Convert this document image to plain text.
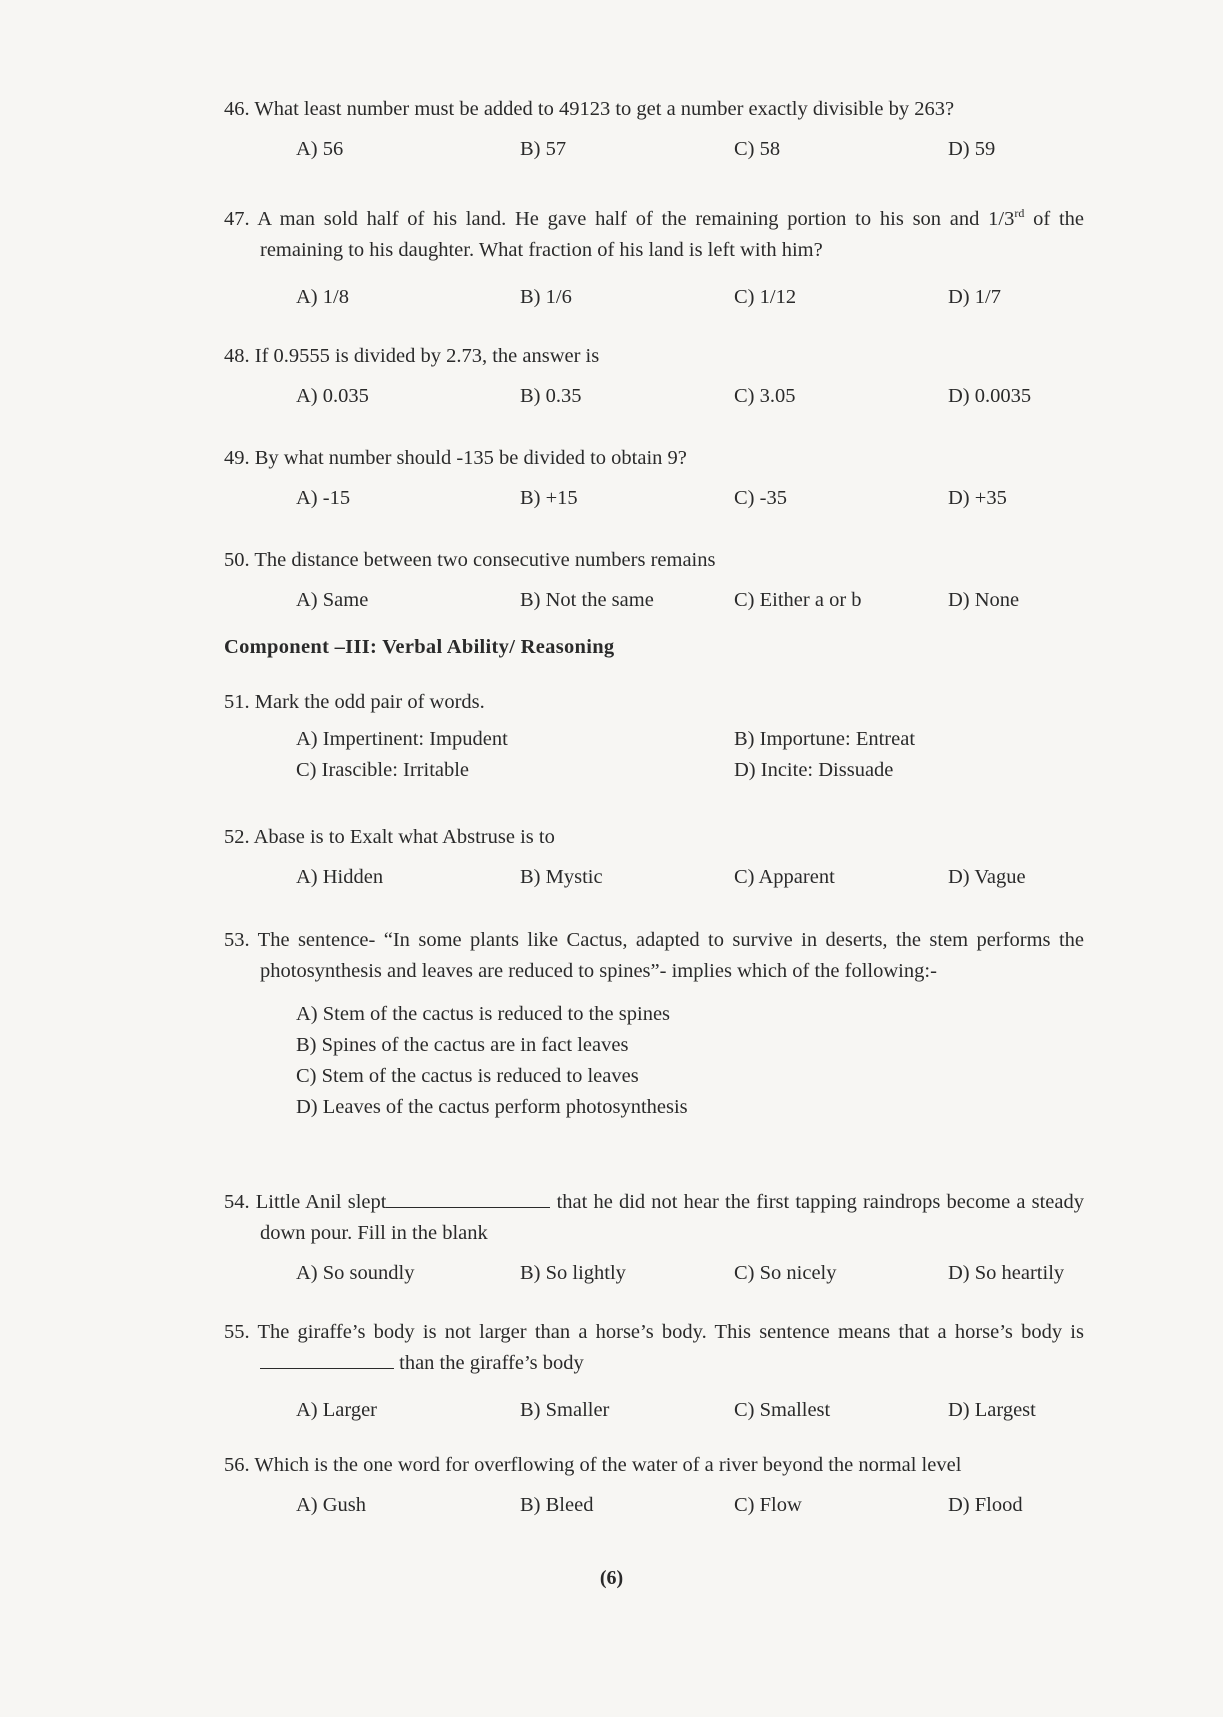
46. What least number must be added to 49123 to get a number exactly divisible by 263?

A) 56	B) 57	C) 58	D) 59

47. A man sold half of his land. He gave half of the remaining portion to his son and 1/3rd of the remaining to his daughter. What fraction of his land is left with him?

A) 1/8	B) 1/6	C) 1/12	D) 1/7

48. If 0.9555 is divided by 2.73, the answer is

A) 0.035	B) 0.35	C) 3.05	D) 0.0035

49. By what number should -135 be divided to obtain 9?

A) -15	B) +15	C) -35	D) +35

50. The distance between two consecutive numbers remains

A) Same	B) Not the same	C) Either a or b	D) None
Component –III: Verbal Ability/ Reasoning

51. Mark the odd pair of words.

A) Impertinent: Impudent	B) Importune: Entreat
C) Irascible: Irritable	D) Incite: Dissuade

52. Abase is to Exalt what Abstruse is to

A) Hidden	B) Mystic	C) Apparent	D) Vague

53. The sentence- “In some plants like Cactus, adapted to survive in deserts, the stem performs the photosynthesis and leaves are reduced to spines”- implies which of the following:-

A) Stem of the cactus is reduced to the spines
B) Spines of the cactus are in fact leaves
C) Stem of the cactus is reduced to leaves
D) Leaves of the cactus perform photosynthesis

54. Little Anil slept	that he did not hear the first tapping raindrops become a steady down pour. Fill in the blank

A) So soundly	B) So lightly	C) So nicely	D) So heartily

55. The giraffe’s body is not larger than a horse’s body. This sentence means that a horse’s body is  than the giraffe’s body

A) Larger	B) Smaller	C) Smallest	D) Largest

56. Which is the one word for overflowing of the water of a river beyond the normal level

A) Gush	B) Bleed	C) Flow	D) Flood
(6)
